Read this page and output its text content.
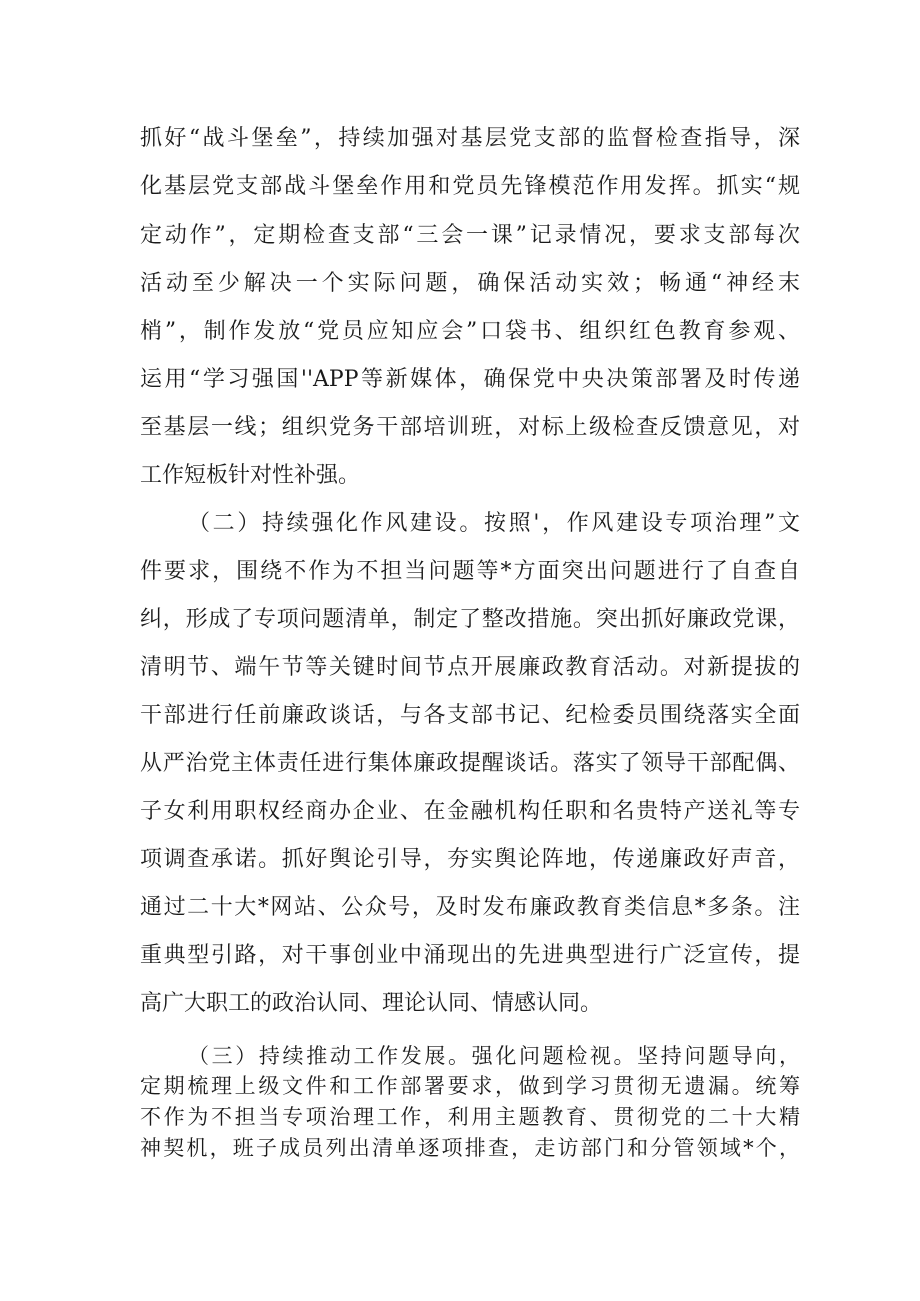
抓好“战斗堡垒”，持续加强对基层党支部的监督检查指导，深
化基层党支部战斗堡垒作用和党员先锋模范作用发挥。抓实“规
定动作”，定期检查支部“三会一课”记录情况，要求支部每次
活动至少解决一个实际问题，确保活动实效；畅通“神经末
梢”，制作发放“党员应知应会”口袋书、组织红色教育参观、
运用“学习强国''APP等新媒体，确保党中央决策部署及时传递
至基层一线；组织党务干部培训班，对标上级检查反馈意见，对
工作短板针对性补强。
（二）持续强化作风建设。按照'，作风建设专项治理”文
件要求，围绕不作为不担当问题等*方面突出问题进行了自查自
纠，形成了专项问题清单，制定了整改措施。突出抓好廉政党课，
清明节、端午节等关键时间节点开展廉政教育活动。对新提拔的
干部进行任前廉政谈话，与各支部书记、纪检委员围绕落实全面
从严治党主体责任进行集体廉政提醒谈话。落实了领导干部配偶、
子女利用职权经商办企业、在金融机构任职和名贵特产送礼等专
项调查承诺。抓好舆论引导，夯实舆论阵地，传递廉政好声音，
通过二十大*网站、公众号，及时发布廉政教育类信息*多条。注
重典型引路，对干事创业中涌现出的先进典型进行广泛宣传，提
高广大职工的政治认同、理论认同、情感认同。
（三）持续推动工作发展。强化问题检视。坚持问题导向，
定期梳理上级文件和工作部署要求，做到学习贯彻无遗漏。统筹
不作为不担当专项治理工作，利用主题教育、贯彻党的二十大精
神契机，班子成员列出清单逐项排查，走访部门和分管领域*个，
